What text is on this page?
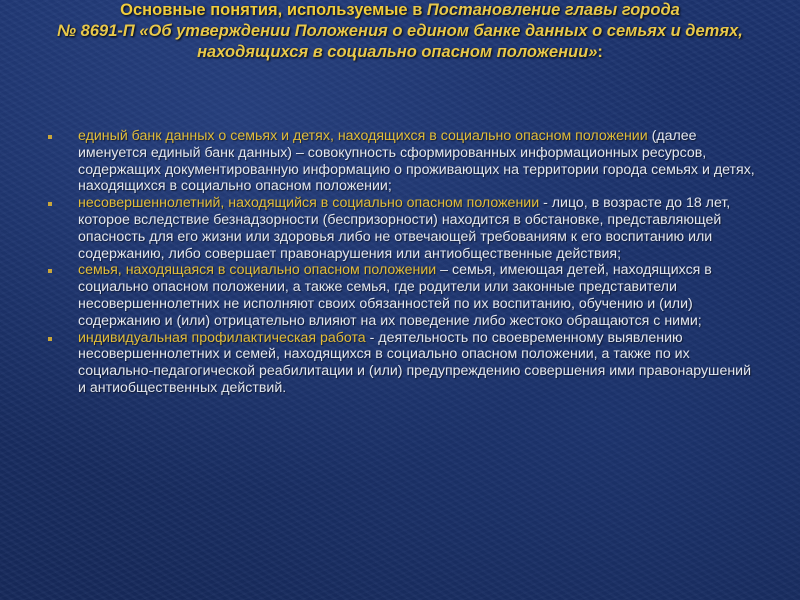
Основные понятия, используемые в Постановление главы города
№ 8691-П «Об утверждении Положения о едином банке данных о семьях и детях, находящихся в социально опасном положении»:
единый банк данных о семьях и детях, находящихся в социально опасном положении (далее именуется единый банк данных) – совокупность сформированных информационных ресурсов, содержащих документированную информацию о проживающих на территории города семьях и детях, находящихся в социально опасном положении;
несовершеннолетний, находящийся в социально опасном положении - лицо, в возрасте до 18 лет, которое вследствие безнадзорности (беспризорности) находится в обстановке, представляющей опасность для его жизни или здоровья либо не отвечающей требованиям к его воспитанию или содержанию, либо совершает правонарушения или антиобщественные действия;
семья, находящаяся в социально опасном положении – семья, имеющая детей, находящихся в социально опасном положении, а также семья, где родители или законные представители несовершеннолетних не исполняют своих обязанностей по их воспитанию, обучению и (или) содержанию и (или) отрицательно влияют на их поведение либо жестоко обращаются с ними;
индивидуальная профилактическая работа - деятельность по своевременному выявлению несовершеннолетних и семей, находящихся в социально опасном положении, а также по их социально-педагогической реабилитации и (или) предупреждению совершения ими правонарушений и антиобщественных действий.
